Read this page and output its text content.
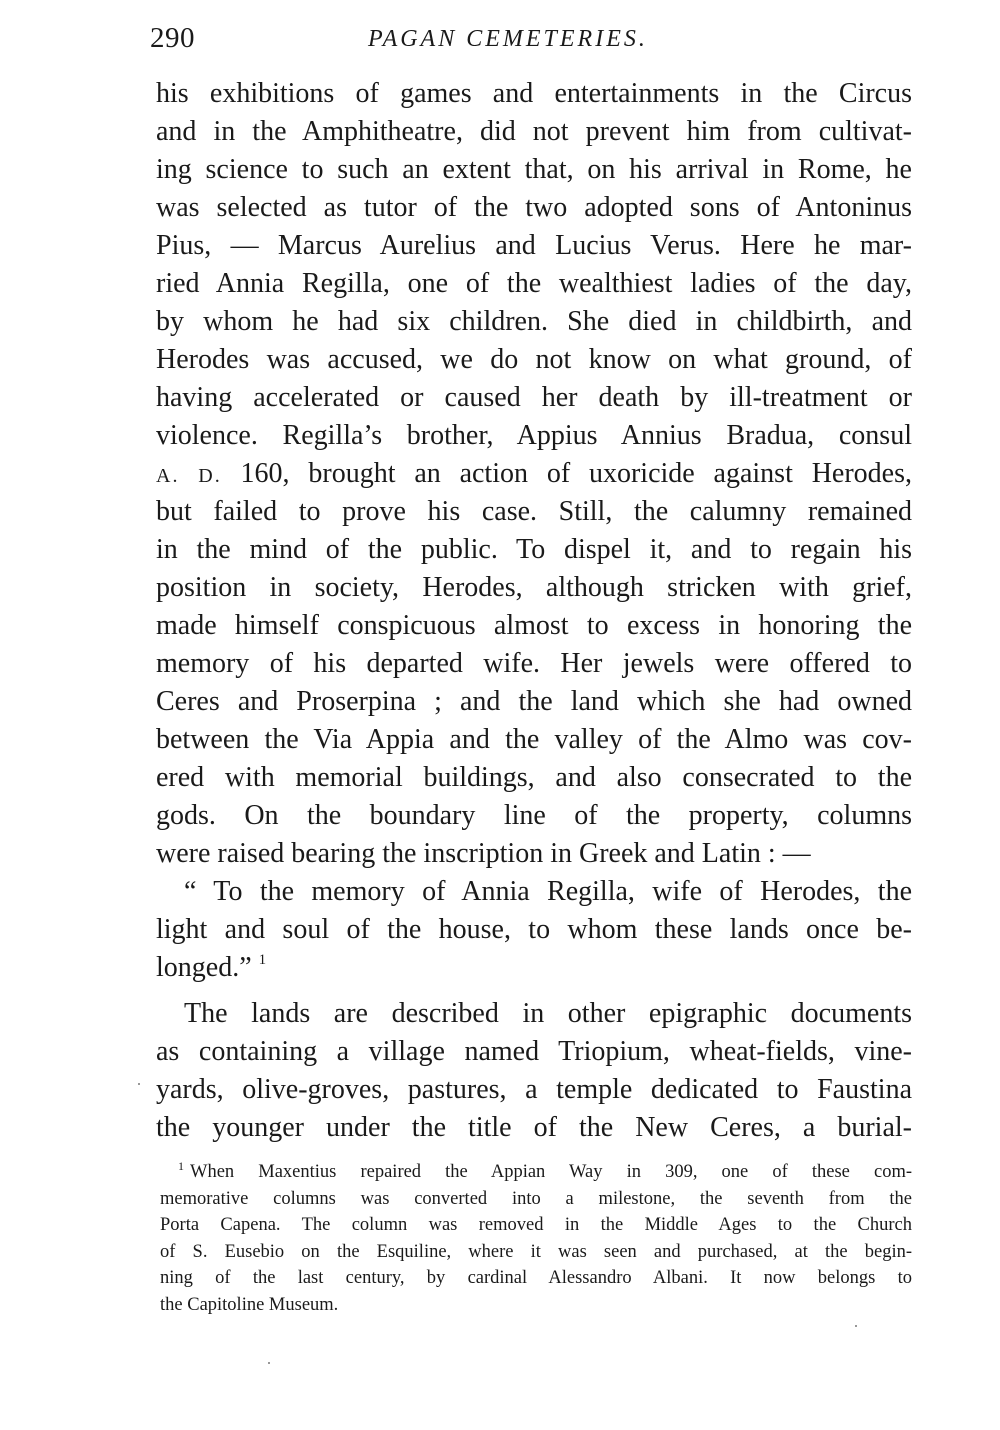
290	PAGAN CEMETERIES.
his exhibitions of games and entertainments in the Circus
and in the Amphitheatre, did not prevent him from cultivat-
ing science to such an extent that, on his arrival in Rome, he
was selected as tutor of the two adopted sons of Antoninus
Pius, — Marcus Aurelius and Lucius Verus. Here he mar-
ried Annia Regilla, one of the wealthiest ladies of the day,
by whom he had six children. She died in childbirth, and
Herodes was accused, we do not know on what ground, of
having accelerated or caused her death by ill-treatment or
violence. Regilla’s brother, Appius Annius Bradua, consul
A. D. 160, brought an action of uxoricide against Herodes,
but failed to prove his case. Still, the calumny remained
in the mind of the public. To dispel it, and to regain his
position in society, Herodes, although stricken with grief,
made himself conspicuous almost to excess in honoring the
memory of his departed wife. Her jewels were offered to
Ceres and Proserpina ; and the land which she had owned
between the Via Appia and the valley of the Almo was cov-
ered with memorial buildings, and also consecrated to the
gods. On the boundary line of the property, columns
were raised bearing the inscription in Greek and Latin : —
“ To the memory of Annia Regilla, wife of Herodes, the
light and soul of the house, to whom these lands once be-
longed.” $^1$
The lands are described in other epigraphic documents
as containing a village named Triopium, wheat-fields, vine-
yards, olive-groves, pastures, a temple dedicated to Faustina
the younger under the title of the New Ceres, a burial-
$^1$ When Maxentius repaired the Appian Way in 309, one of these com-
memorative columns was converted into a milestone, the seventh from the
Porta Capena. The column was removed in the Middle Ages to the Church
of S. Eusebio on the Esquiline, where it was seen and purchased, at the begin-
ning of the last century, by cardinal Alessandro Albani. It now belongs to
the Capitoline Museum.
